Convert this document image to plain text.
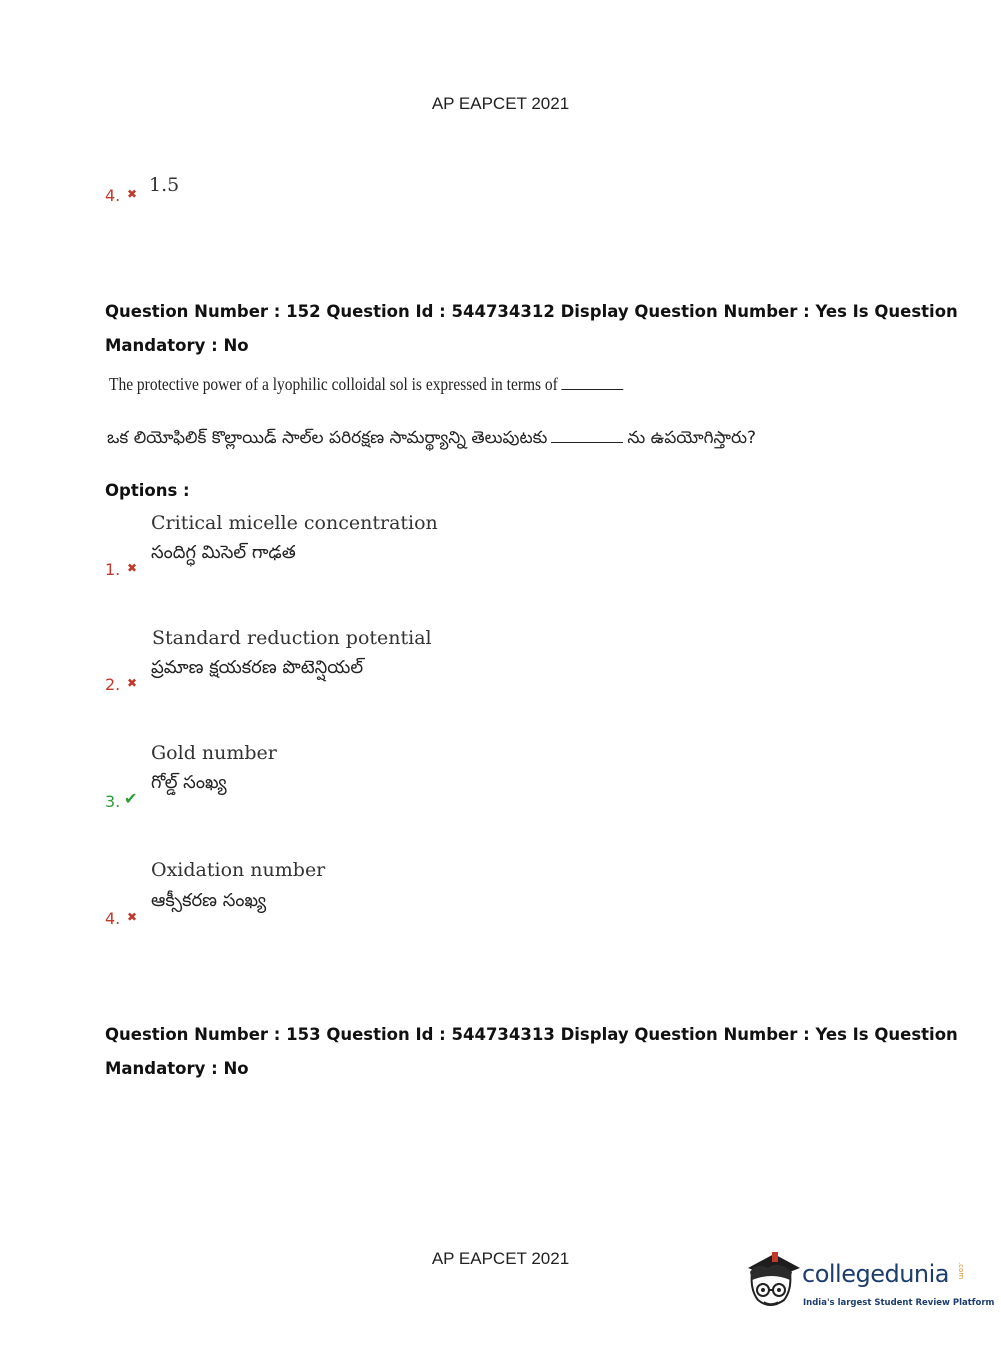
AP EAPCET 2021
4. ✖ 1.5
Question Number : 152 Question Id : 544734312 Display Question Number : Yes Is Question
Mandatory : No
The protective power of a lyophilic colloidal sol is expressed in terms of
ఒక లియోఫిలిక్ కొల్లాయిడ్ సాల్‌ల పరిరక్షణ సామర్థ్యాన్ని తెలుపుటకు	ను ఉపయోగిస్తారు?
Options :
Critical micelle concentration
సందిగ్ధ మిసెల్ గాఢత
1. ✖
Standard reduction potential
ప్రమాణ క్షయకరణ పొటెన్షియల్
2. ✖
Gold number
గోల్డ్ సంఖ్య
3. ✔
Oxidation number
ఆక్సీకరణ సంఖ్య
4. ✖
Question Number : 153 Question Id : 544734313 Display Question Number : Yes Is Question
Mandatory : No
AP EAPCET 2021
collegedunia .com
India's largest Student Review Platform
